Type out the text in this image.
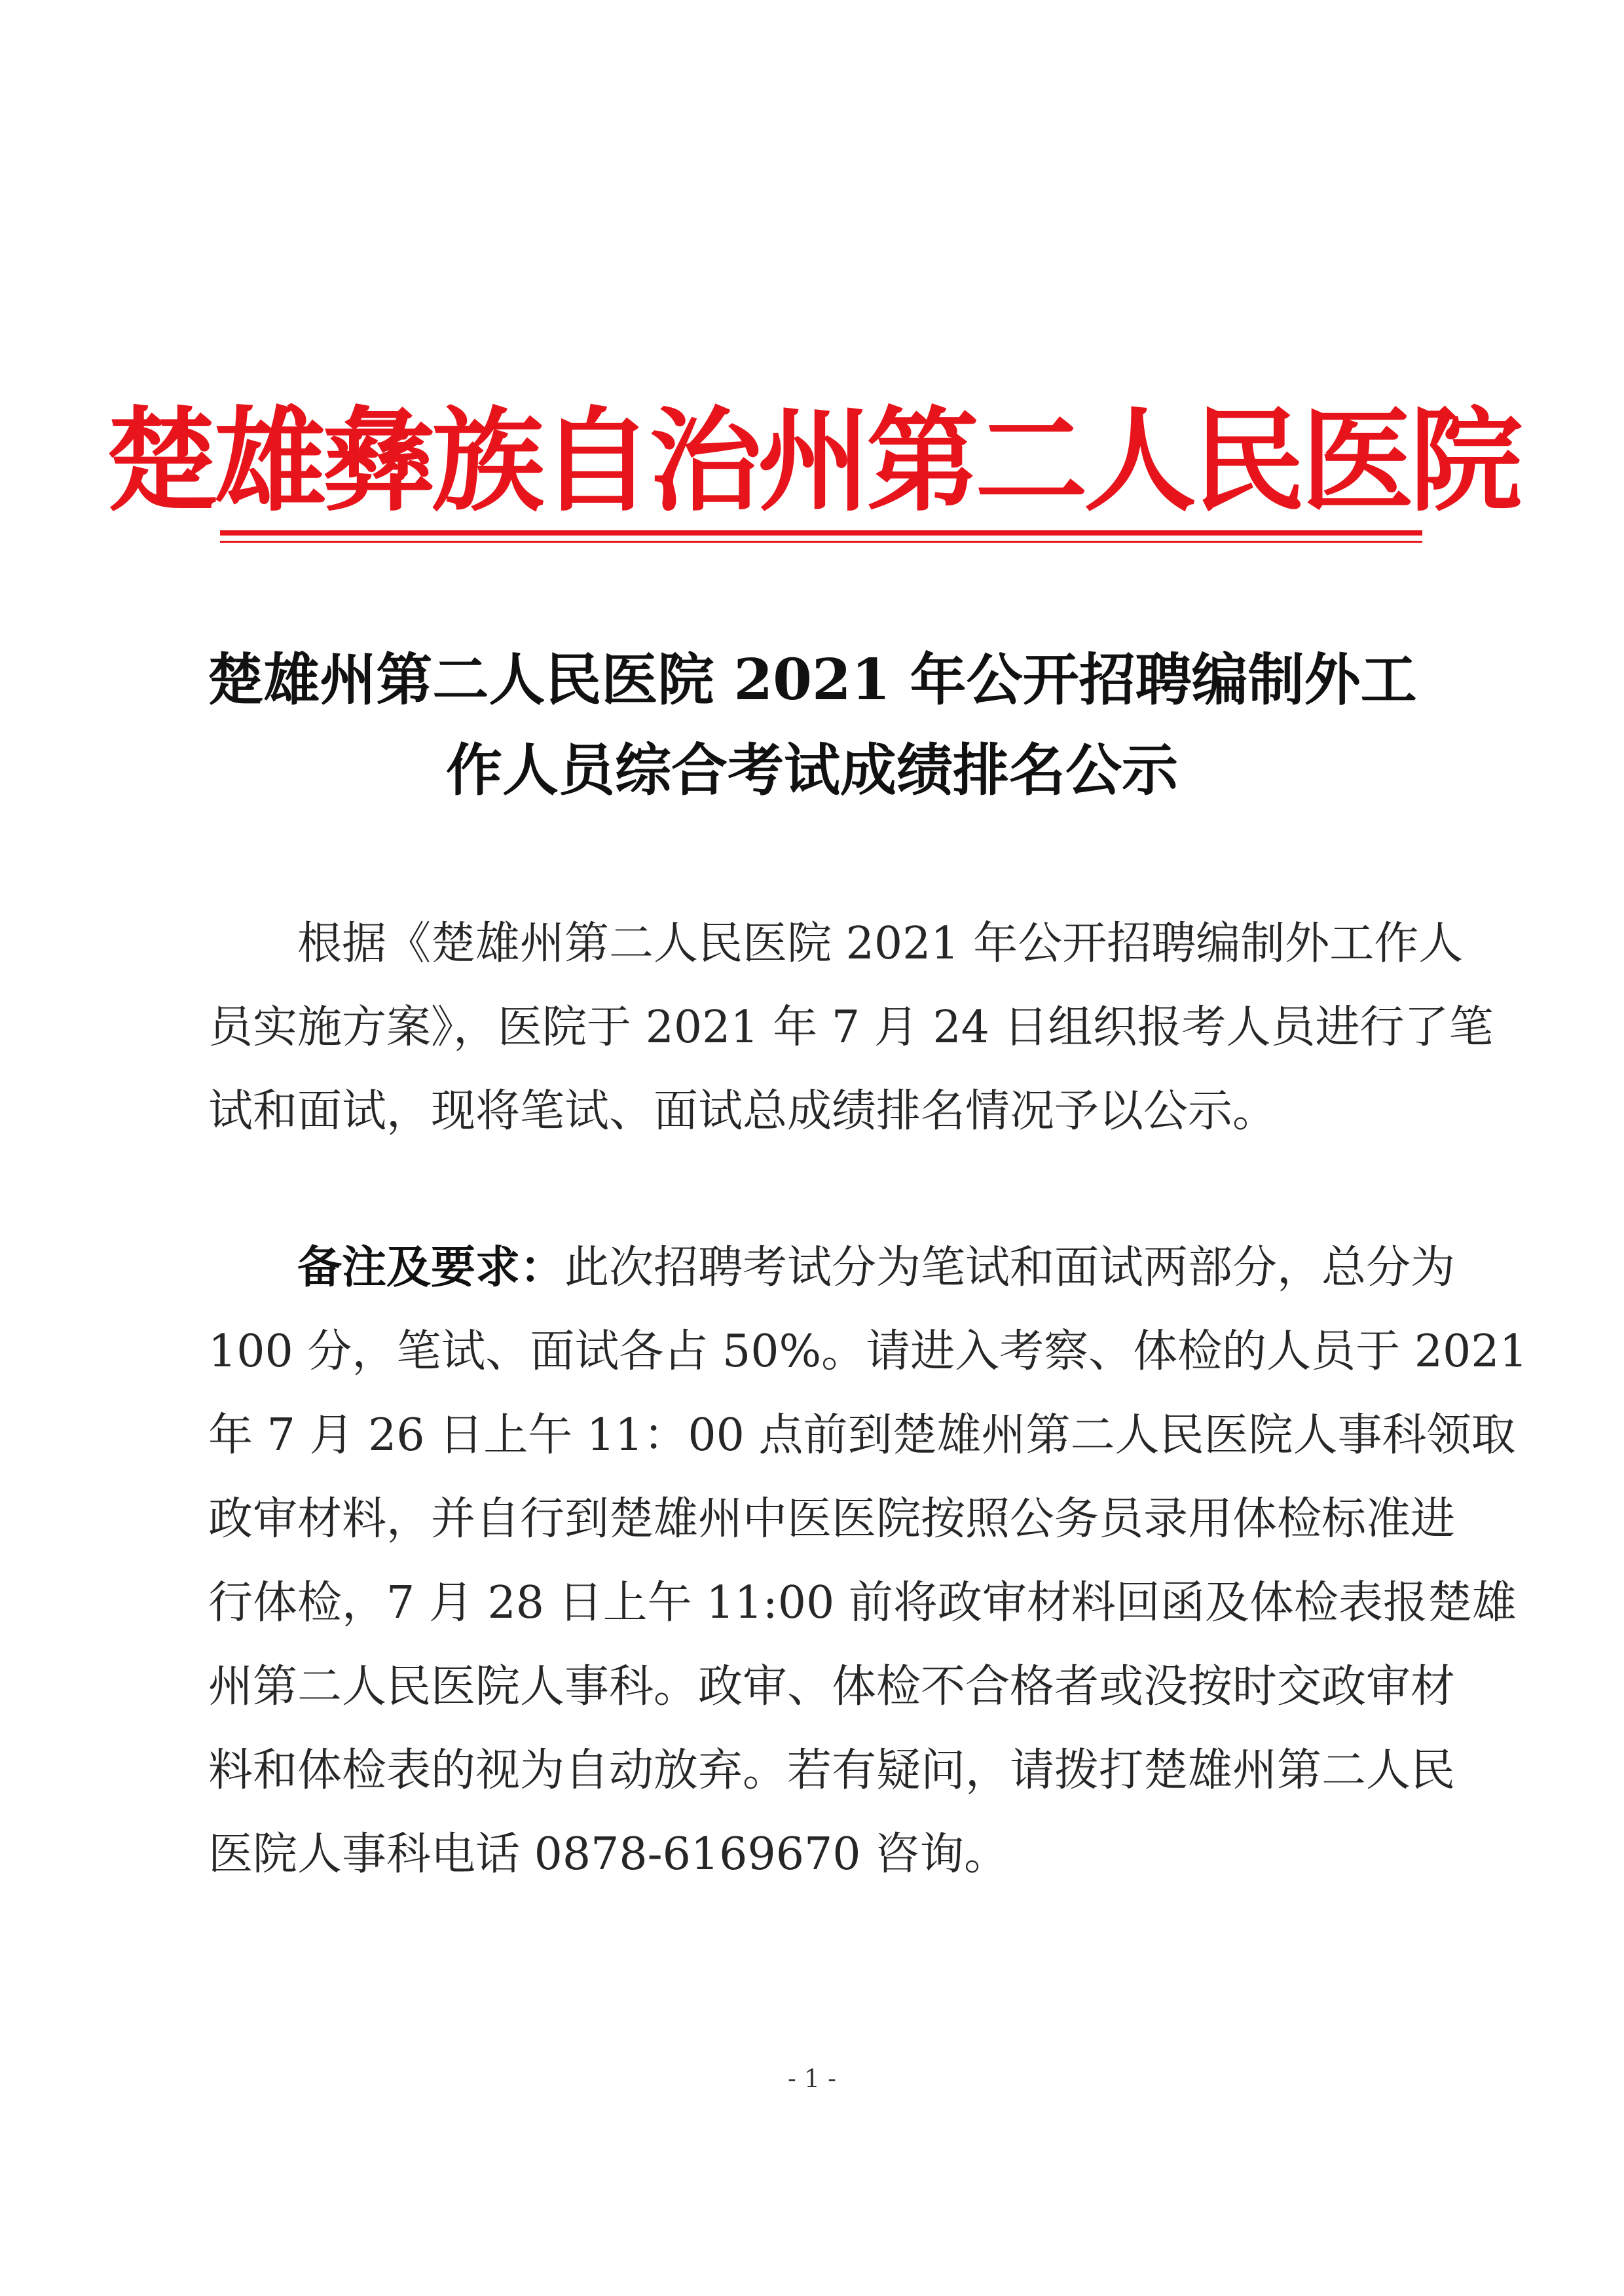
楚雄彝族自治州第二人民医院
楚雄州第二人民医院 2021 年公开招聘编制外工
作人员综合考试成绩排名公示
根据《楚雄州第二人民医院 2021 年公开招聘编制外工作人
员实施方案》，医院于 2021 年 7 月 24 日组织报考人员进行了笔
试和面试，现将笔试、面试总成绩排名情况予以公示。
备注及要求：此次招聘考试分为笔试和面试两部分，总分为
100 分，笔试、面试各占 50%。请进入考察、体检的人员于 2021
年 7 月 26 日上午 11：00 点前到楚雄州第二人民医院人事科领取
政审材料，并自行到楚雄州中医医院按照公务员录用体检标准进
行体检，7 月 28 日上午 11:00 前将政审材料回函及体检表报楚雄
州第二人民医院人事科。政审、体检不合格者或没按时交政审材
料和体检表的视为自动放弃。若有疑问，请拨打楚雄州第二人民
医院人事科电话 0878-6169670 咨询。
- 1 -
